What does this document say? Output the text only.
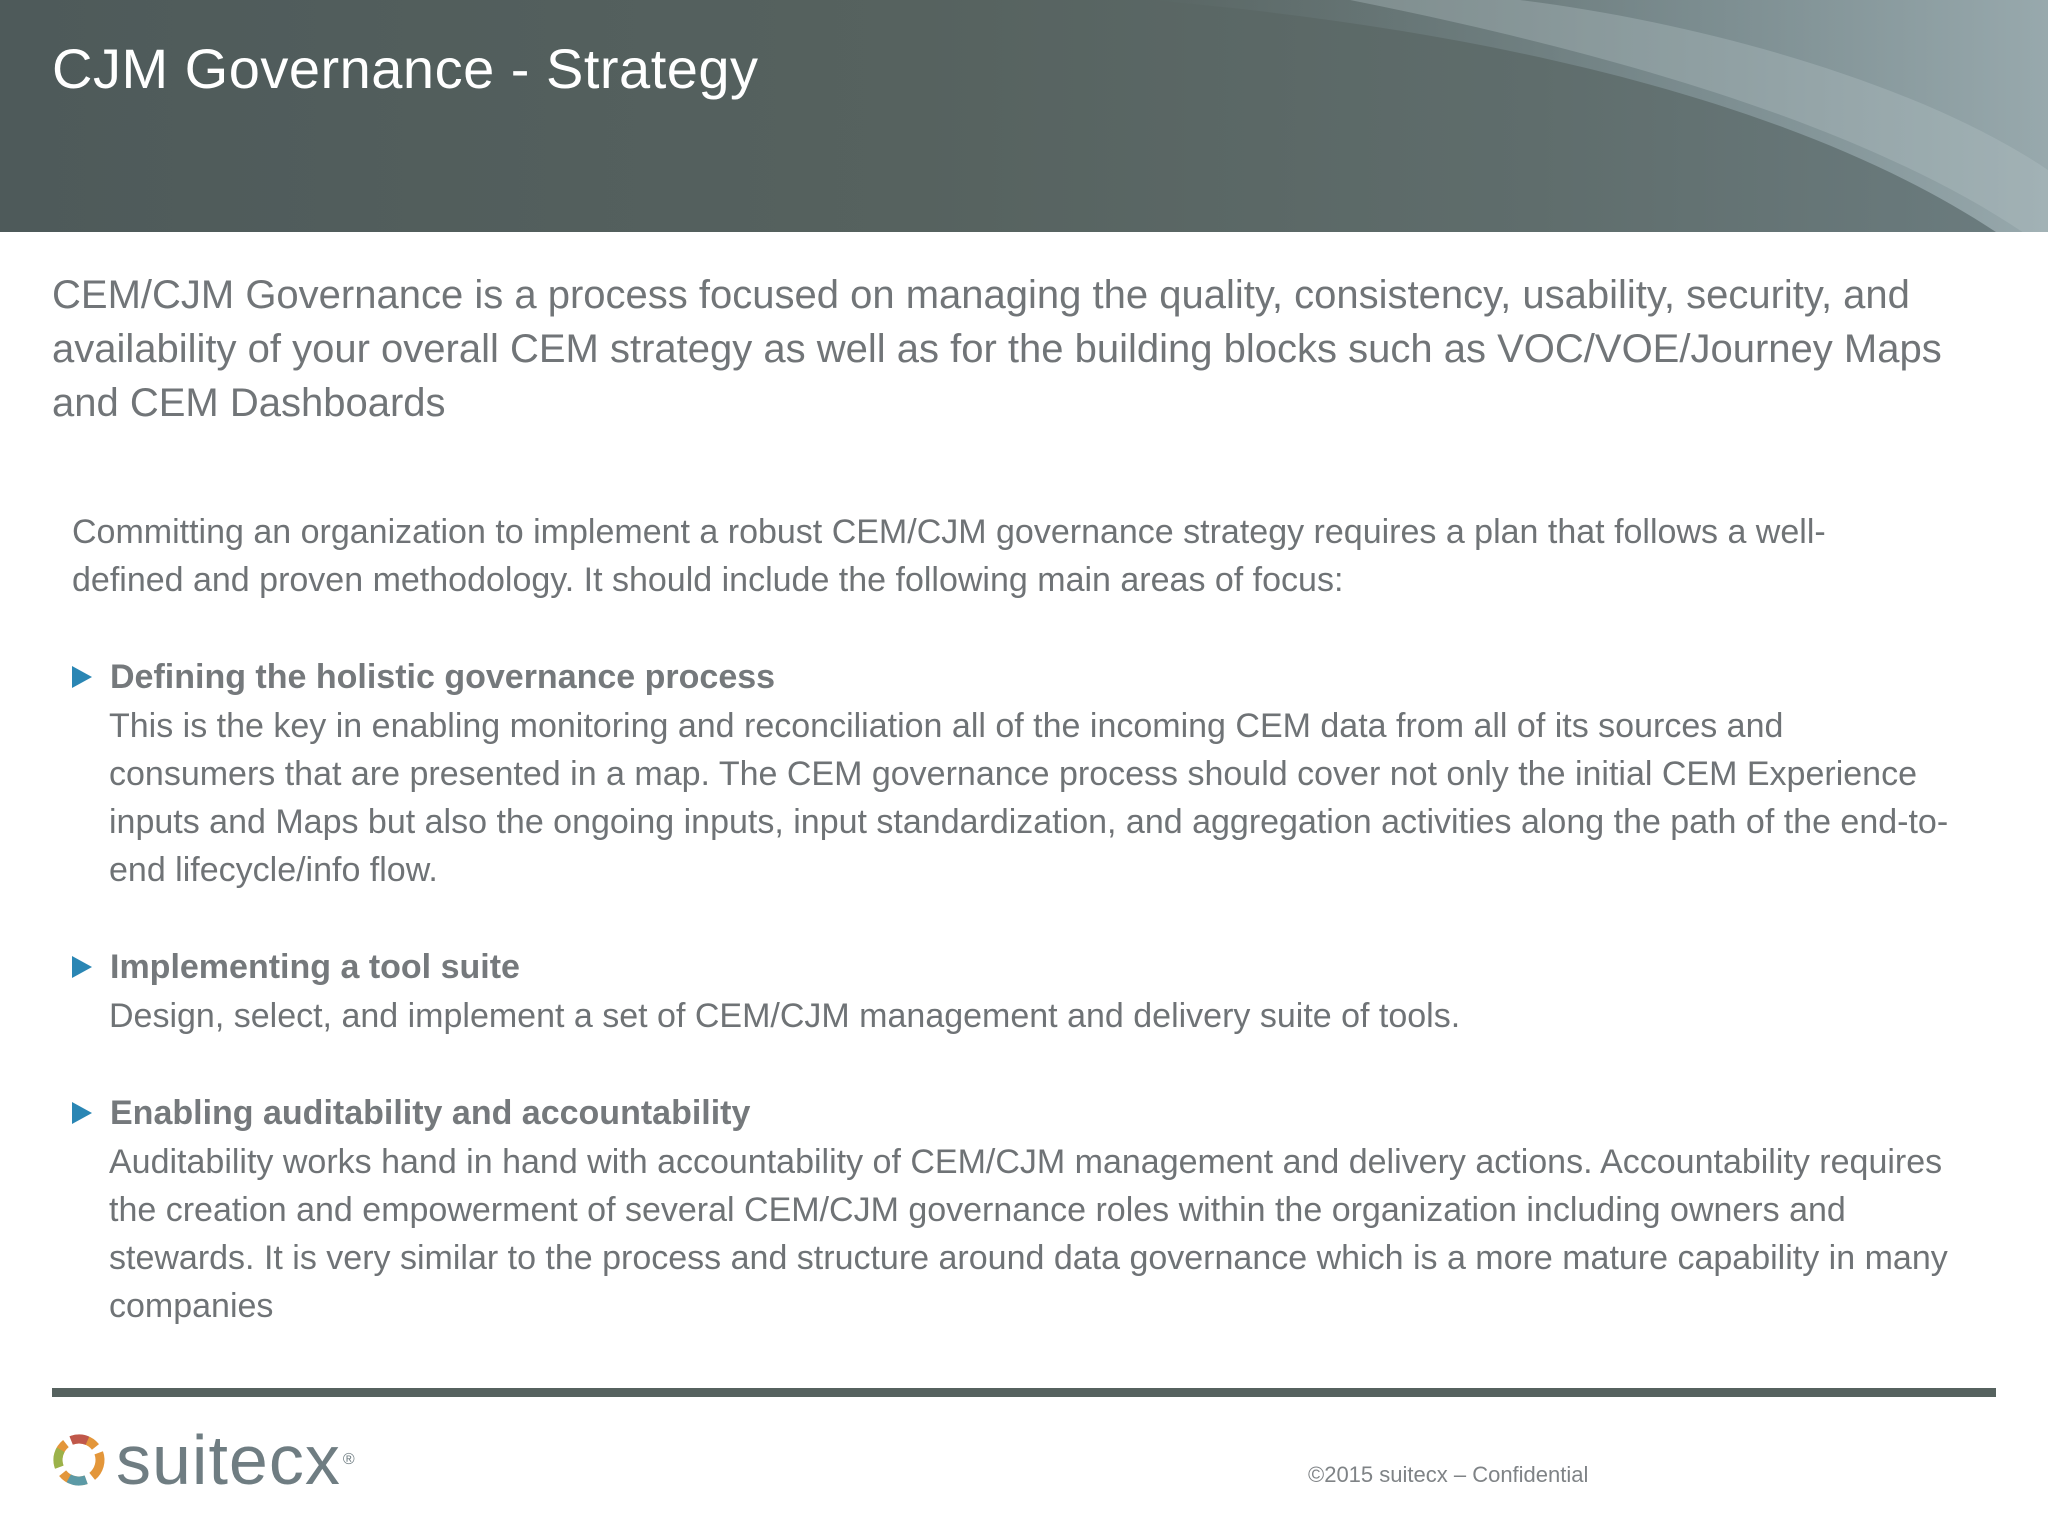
CJM Governance - Strategy

CEM/CJM Governance is a process focused on managing the quality, consistency, usability, security, and availability of your overall CEM strategy as well as for the building blocks such as VOC/VOE/Journey Maps and CEM Dashboards

Committing an organization to implement a robust CEM/CJM governance strategy requires a plan that follows a well-defined and proven methodology. It should include the following main areas of focus:

Defining the holistic governance process

This is the key in enabling monitoring and reconciliation all of the incoming CEM data from all of its sources and consumers that are presented in a map. The CEM governance process should cover not only the initial CEM Experience inputs and Maps but also the ongoing inputs, input standardization, and aggregation activities along the path of the end-to-end lifecycle/info flow.

Implementing a tool suite

Design, select, and implement a set of CEM/CJM management and delivery suite of tools.

Enabling auditability and accountability

Auditability works hand in hand with accountability of CEM/CJM management and delivery actions. Accountability requires the creation and empowerment of several CEM/CJM governance roles within the organization including owners and stewards. It is very similar to the process and structure around data governance which is a more mature capability in many companies

suitecx ®
©2015 suitecx – Confidential
